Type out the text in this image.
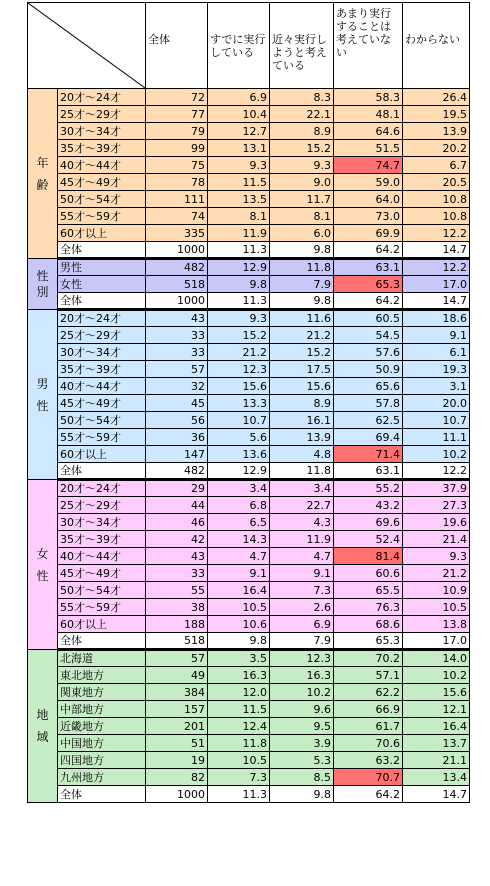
	全体	すでに実行している	近々実行しようと考えている	あまり実行することは考えていない	わからない
年齢	20才～24才	72	6.9	8.3	58.3	26.4
	25才～29才	77	10.4	22.1	48.1	19.5
	30才～34才	79	12.7	8.9	64.6	13.9
	35才～39才	99	13.1	15.2	51.5	20.2
	40才～44才	75	9.3	9.3	74.7	6.7
	45才～49才	78	11.5	9.0	59.0	20.5
	50才～54才	111	13.5	11.7	64.0	10.8
	55才～59才	74	8.1	8.1	73.0	10.8
	60才以上	335	11.9	6.0	69.9	12.2
	全体	1000	11.3	9.8	64.2	14.7
性別	男性	482	12.9	11.8	63.1	12.2
	女性	518	9.8	7.9	65.3	17.0
	全体	1000	11.3	9.8	64.2	14.7
男性	20才～24才	43	9.3	11.6	60.5	18.6
	25才～29才	33	15.2	21.2	54.5	9.1
	30才～34才	33	21.2	15.2	57.6	6.1
	35才～39才	57	12.3	17.5	50.9	19.3
	40才～44才	32	15.6	15.6	65.6	3.1
	45才～49才	45	13.3	8.9	57.8	20.0
	50才～54才	56	10.7	16.1	62.5	10.7
	55才～59才	36	5.6	13.9	69.4	11.1
	60才以上	147	13.6	4.8	71.4	10.2
	全体	482	12.9	11.8	63.1	12.2
女性	20才～24才	29	3.4	3.4	55.2	37.9
	25才～29才	44	6.8	22.7	43.2	27.3
	30才～34才	46	6.5	4.3	69.6	19.6
	35才～39才	42	14.3	11.9	52.4	21.4
	40才～44才	43	4.7	4.7	81.4	9.3
	45才～49才	33	9.1	9.1	60.6	21.2
	50才～54才	55	16.4	7.3	65.5	10.9
	55才～59才	38	10.5	2.6	76.3	10.5
	60才以上	188	10.6	6.9	68.6	13.8
	全体	518	9.8	7.9	65.3	17.0
地域	北海道	57	3.5	12.3	70.2	14.0
	東北地方	49	16.3	16.3	57.1	10.2
	関東地方	384	12.0	10.2	62.2	15.6
	中部地方	157	11.5	9.6	66.9	12.1
	近畿地方	201	12.4	9.5	61.7	16.4
	中国地方	51	11.8	3.9	70.6	13.7
	四国地方	19	10.5	5.3	63.2	21.1
	九州地方	82	7.3	8.5	70.7	13.4
	全体	1000	11.3	9.8	64.2	14.7
